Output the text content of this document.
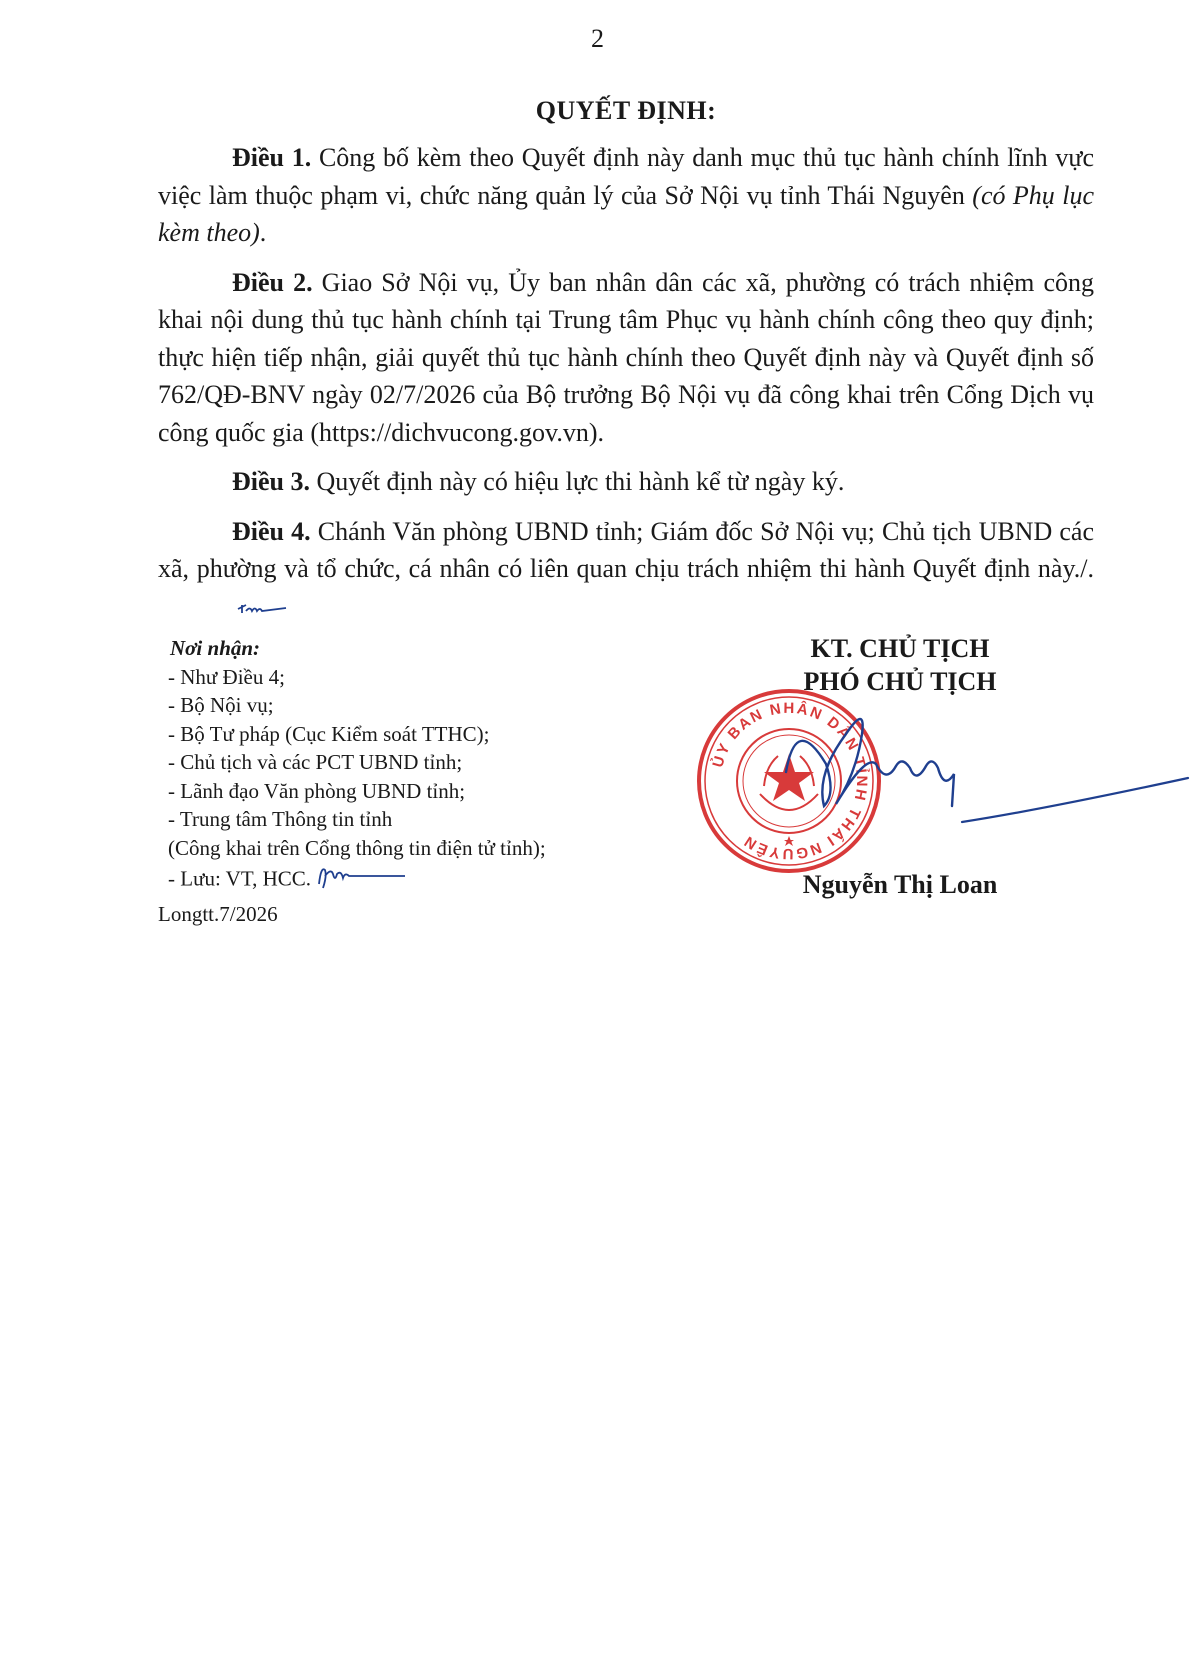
2
QUYẾT ĐỊNH:

Điều 1. Công bố kèm theo Quyết định này danh mục thủ tục hành chính lĩnh vực việc làm thuộc phạm vi, chức năng quản lý của Sở Nội vụ tỉnh Thái Nguyên (có Phụ lục kèm theo).

Điều 2. Giao Sở Nội vụ, Ủy ban nhân dân các xã, phường có trách nhiệm công khai nội dung thủ tục hành chính tại Trung tâm Phục vụ hành chính công theo quy định; thực hiện tiếp nhận, giải quyết thủ tục hành chính theo Quyết định này và Quyết định số 762/QĐ-BNV ngày 02/7/2026 của Bộ trưởng Bộ Nội vụ đã công khai trên Cổng Dịch vụ công quốc gia (https://dichvucong.gov.vn).

Điều 3. Quyết định này có hiệu lực thi hành kể từ ngày ký.

Điều 4. Chánh Văn phòng UBND tỉnh; Giám đốc Sở Nội vụ; Chủ tịch UBND các xã, phường và tổ chức, cá nhân có liên quan chịu trách nhiệm thi hành Quyết định này./.

Nơi nhận:
- Như Điều 4;
- Bộ Nội vụ;
- Bộ Tư pháp (Cục Kiểm soát TTHC);
- Chủ tịch và các PCT UBND tỉnh;
- Lãnh đạo Văn phòng UBND tỉnh;
- Trung tâm Thông tin tỉnh
(Công khai trên Cổng thông tin điện tử tỉnh);
- Lưu: VT, HCC.
Longtt.7/2026
KT. CHỦ TỊCH
PHÓ CHỦ TỊCH
ỦY BAN NHÂN DÂN TỈNH THÁI NGUYÊN
Nguyễn Thị Loan
